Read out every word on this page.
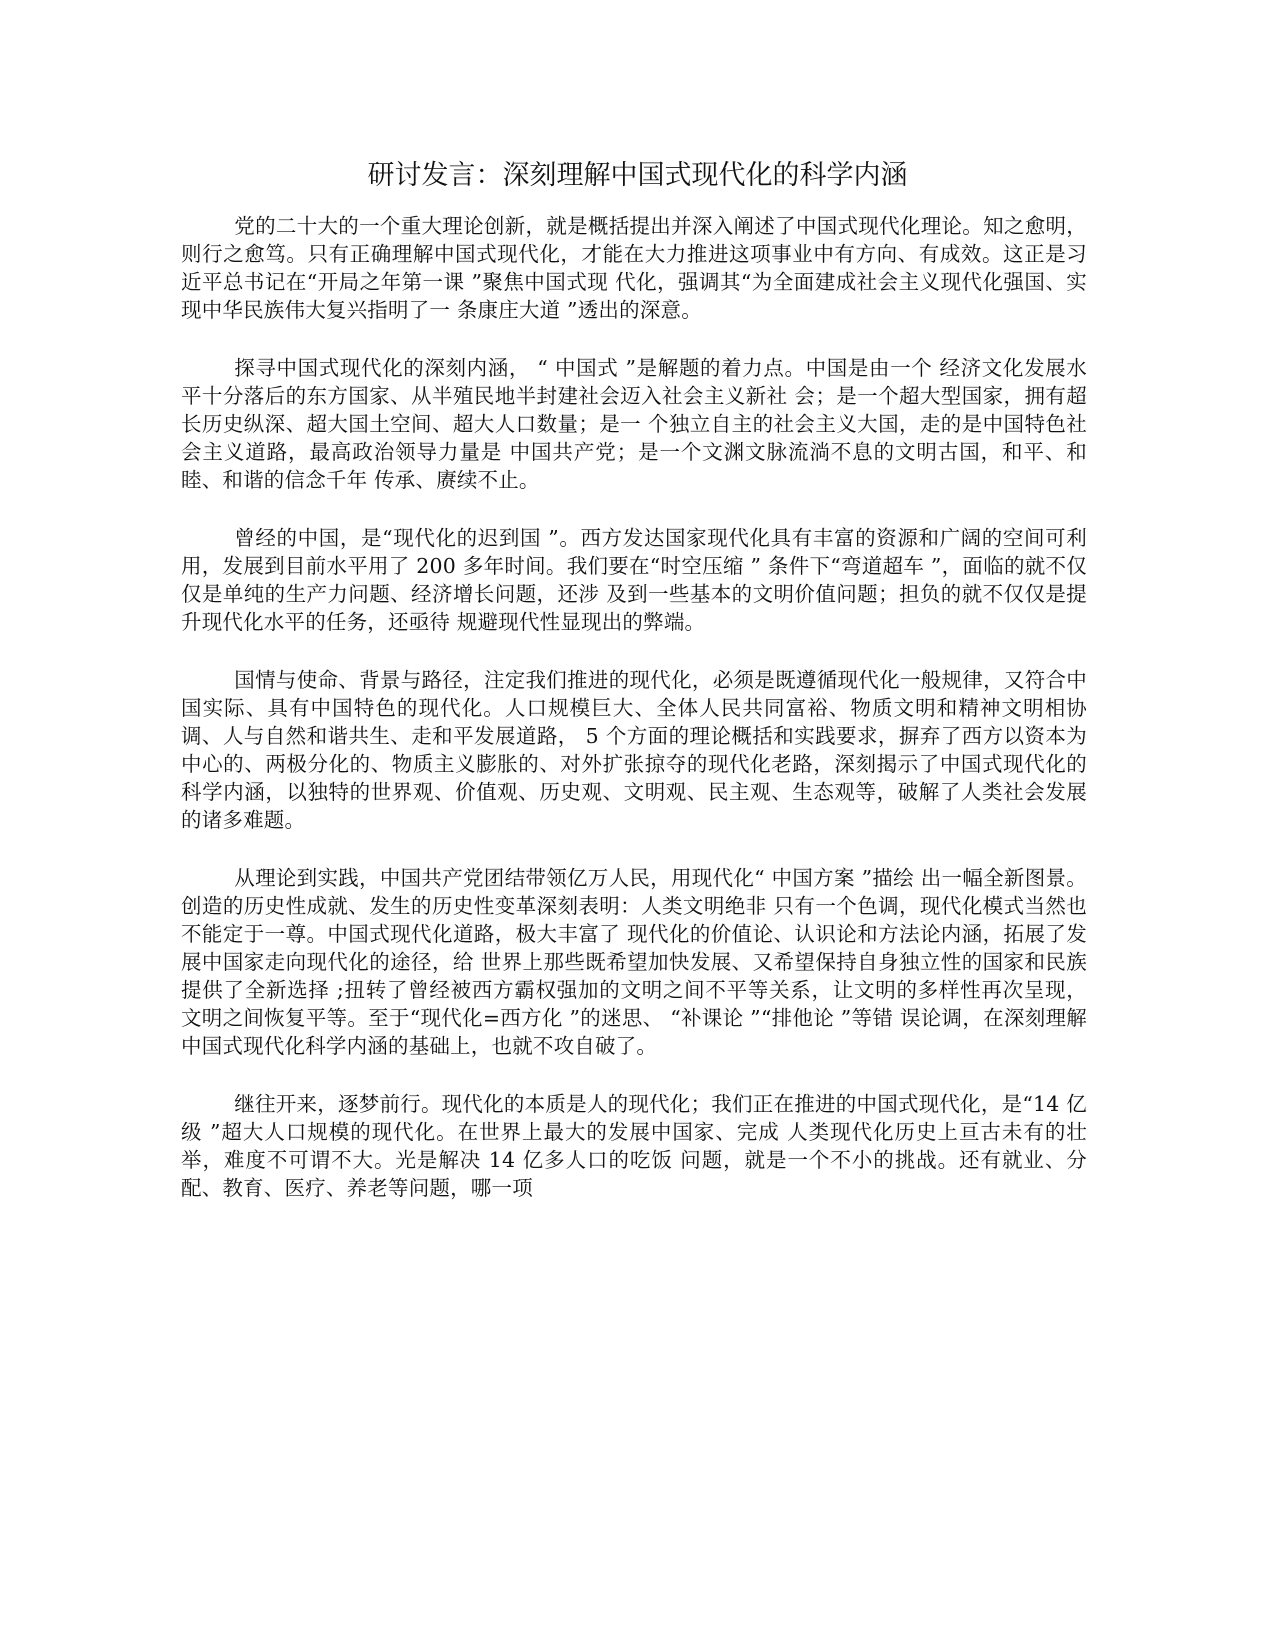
研讨发言：深刻理解中国式现代化的科学内涵

党的二十大的一个重大理论创新，就是概括提出并深入阐述了中国式现代化理论。知之愈明，则行之愈笃。只有正确理解中国式现代化，才能在大力推进这项事业中有方向、有成效。这正是习近平总书记在“开局之年第一课 ”聚焦中国式现 代化，强调其“为全面建成社会主义现代化强国、实现中华民族伟大复兴指明了一 条康庄大道 ”透出的深意。

探寻中国式现代化的深刻内涵， “ 中国式 ”是解题的着力点。中国是由一个 经济文化发展水平十分落后的东方国家、从半殖民地半封建社会迈入社会主义新社 会；是一个超大型国家，拥有超长历史纵深、超大国土空间、超大人口数量；是一 个独立自主的社会主义大国，走的是中国特色社会主义道路，最高政治领导力量是 中国共产党；是一个文渊文脉流淌不息的文明古国，和平、和睦、和谐的信念千年 传承、赓续不止。

曾经的中国，是“现代化的迟到国 ”。西方发达国家现代化具有丰富的资源和广阔的空间可利用，发展到目前水平用了 200 多年时间。我们要在“时空压缩 ” 条件下“弯道超车 ”，面临的就不仅仅是单纯的生产力问题、经济增长问题，还涉 及到一些基本的文明价值问题；担负的就不仅仅是提升现代化水平的任务，还亟待 规避现代性显现出的弊端。

国情与使命、背景与路径，注定我们推进的现代化，必须是既遵循现代化一般规律，又符合中国实际、具有中国特色的现代化。人口规模巨大、全体人民共同富裕、物质文明和精神文明相协调、人与自然和谐共生、走和平发展道路， 5 个方面的理论概括和实践要求，摒弃了西方以资本为中心的、两极分化的、物质主义膨胀的、对外扩张掠夺的现代化老路，深刻揭示了中国式现代化的科学内涵，以独特的世界观、价值观、历史观、文明观、民主观、生态观等，破解了人类社会发展的诸多难题。

从理论到实践，中国共产党团结带领亿万人民，用现代化“ 中国方案 ”描绘 出一幅全新图景。创造的历史性成就、发生的历史性变革深刻表明：人类文明绝非 只有一个色调，现代化模式当然也不能定于一尊。中国式现代化道路，极大丰富了 现代化的价值论、认识论和方法论内涵，拓展了发展中国家走向现代化的途径，给 世界上那些既希望加快发展、又希望保持自身独立性的国家和民族提供了全新选择 ;扭转了曾经被西方霸权强加的文明之间不平等关系，让文明的多样性再次呈现， 文明之间恢复平等。至于“现代化=西方化 ”的迷思、 “补课论 ”“排他论 ”等错 误论调，在深刻理解中国式现代化科学内涵的基础上，也就不攻自破了。

继往开来，逐梦前行。现代化的本质是人的现代化；我们正在推进的中国式现代化，是“14 亿级 ”超大人口规模的现代化。在世界上最大的发展中国家、完成 人类现代化历史上亘古未有的壮举，难度不可谓不大。光是解决 14 亿多人口的吃饭 问题，就是一个不小的挑战。还有就业、分配、教育、医疗、养老等问题，哪一项
